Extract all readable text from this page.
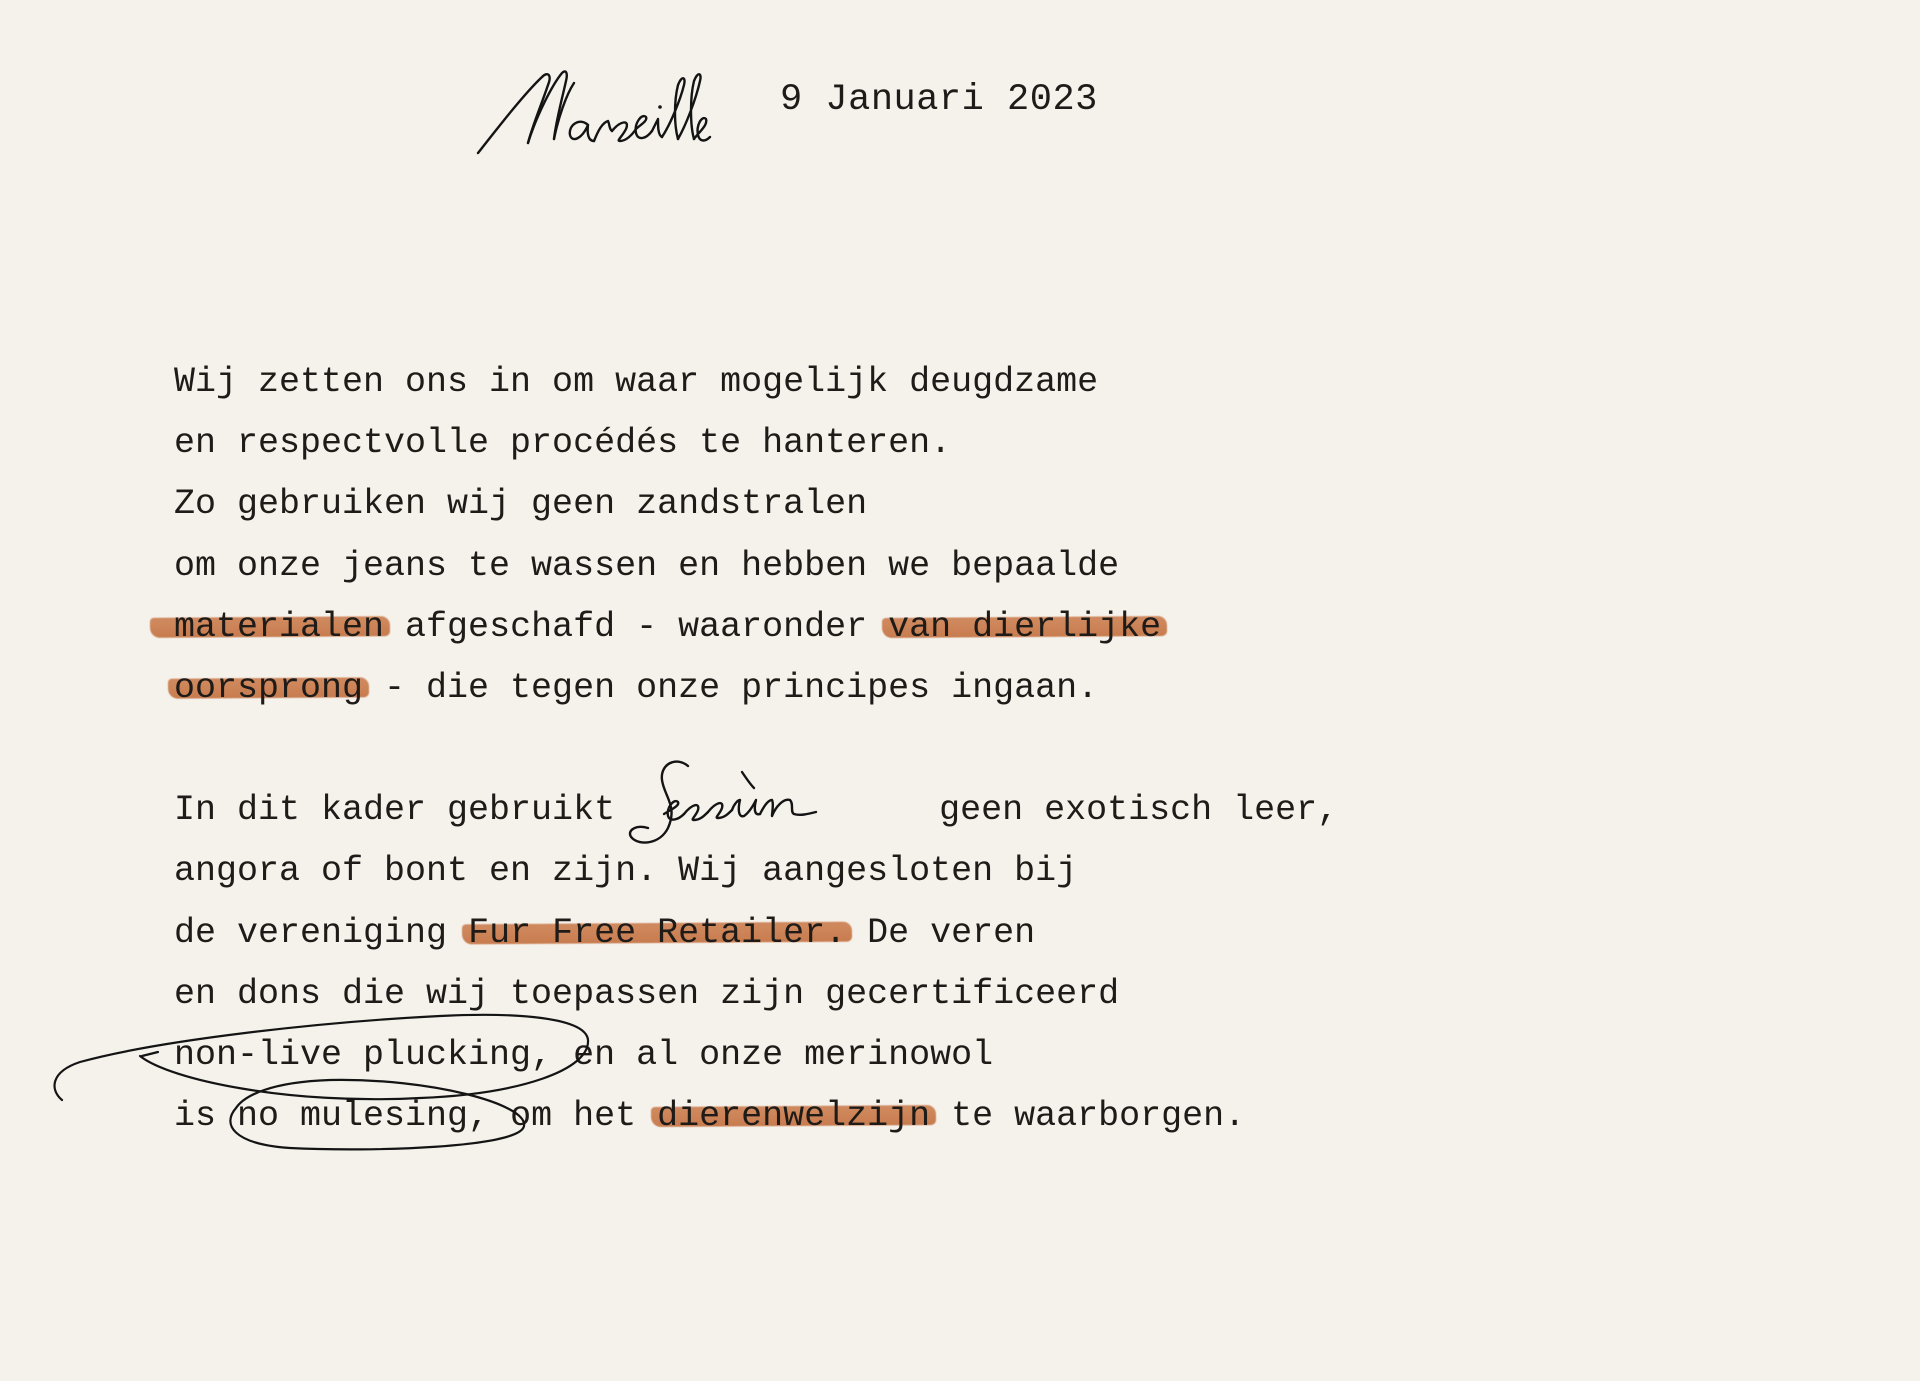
9 Januari 2023
Wij zetten ons in om waar mogelijk deugdzame
en respectvolle procédés te hanteren.
Zo gebruiken wij geen zandstralen
om onze jeans te wassen en hebben we bepaalde
materialen afgeschafd - waaronder van dierlijke
oorsprong - die tegen onze principes ingaan.
In dit kader gebruikt	geen exotisch leer,
angora of bont en zijn. Wij aangesloten bij
de vereniging Fur Free Retailer. De veren
en dons die wij toepassen zijn gecertificeerd
non-live plucking, en al onze merinowol
is no mulesing, om het dierenwelzijn te waarborgen.
